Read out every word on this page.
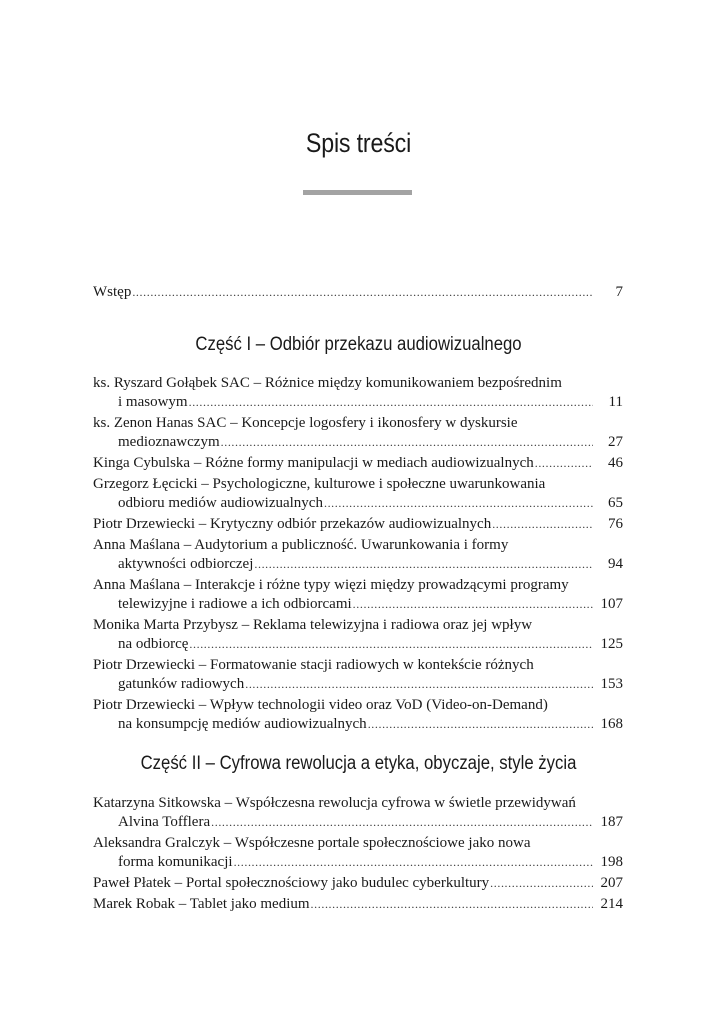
Spis treści
Wstęp .....	7
Część I – Odbiór przekazu audiowizualnego
ks. Ryszard Gołąbek SAC – Różnice między komunikowaniem bezpośrednim
i masowym .....	11
ks. Zenon Hanas SAC – Koncepcje logosfery i ikonosfery w dyskursie
medioznawczym .....	27
Kinga Cybulska – Różne formy manipulacji w mediach audiowizualnych .....	46
Grzegorz Łęcicki – Psychologiczne, kulturowe i społeczne uwarunkowania
odbioru mediów audiowizualnych .....	65
Piotr Drzewiecki – Krytyczny odbiór przekazów audiowizualnych .....	76
Anna Maślana – Audytorium a publiczność. Uwarunkowania i formy
aktywności odbiorczej .....	94
Anna Maślana – Interakcje i różne typy więzi między prowadzącymi programy
telewizyjne i radiowe a ich odbiorcami .....	107
Monika Marta Przybysz – Reklama telewizyjna i radiowa oraz jej wpływ
na odbiorcę .....	125
Piotr Drzewiecki – Formatowanie stacji radiowych w kontekście różnych
gatunków radiowych .....	153
Piotr Drzewiecki – Wpływ technologii video oraz VoD (Video-on-Demand)
na konsumpcję mediów audiowizualnych .....	168
Część II – Cyfrowa rewolucja a etyka, obyczaje, style życia
Katarzyna Sitkowska – Współczesna rewolucja cyfrowa w świetle przewidywań
Alvina Tofflera .....	187
Aleksandra Gralczyk – Współczesne portale społecznościowe jako nowa
forma komunikacji .....	198
Paweł Płatek – Portal społecznościowy jako budulec cyberkultury .....	207
Marek Robak – Tablet jako medium .....	214
